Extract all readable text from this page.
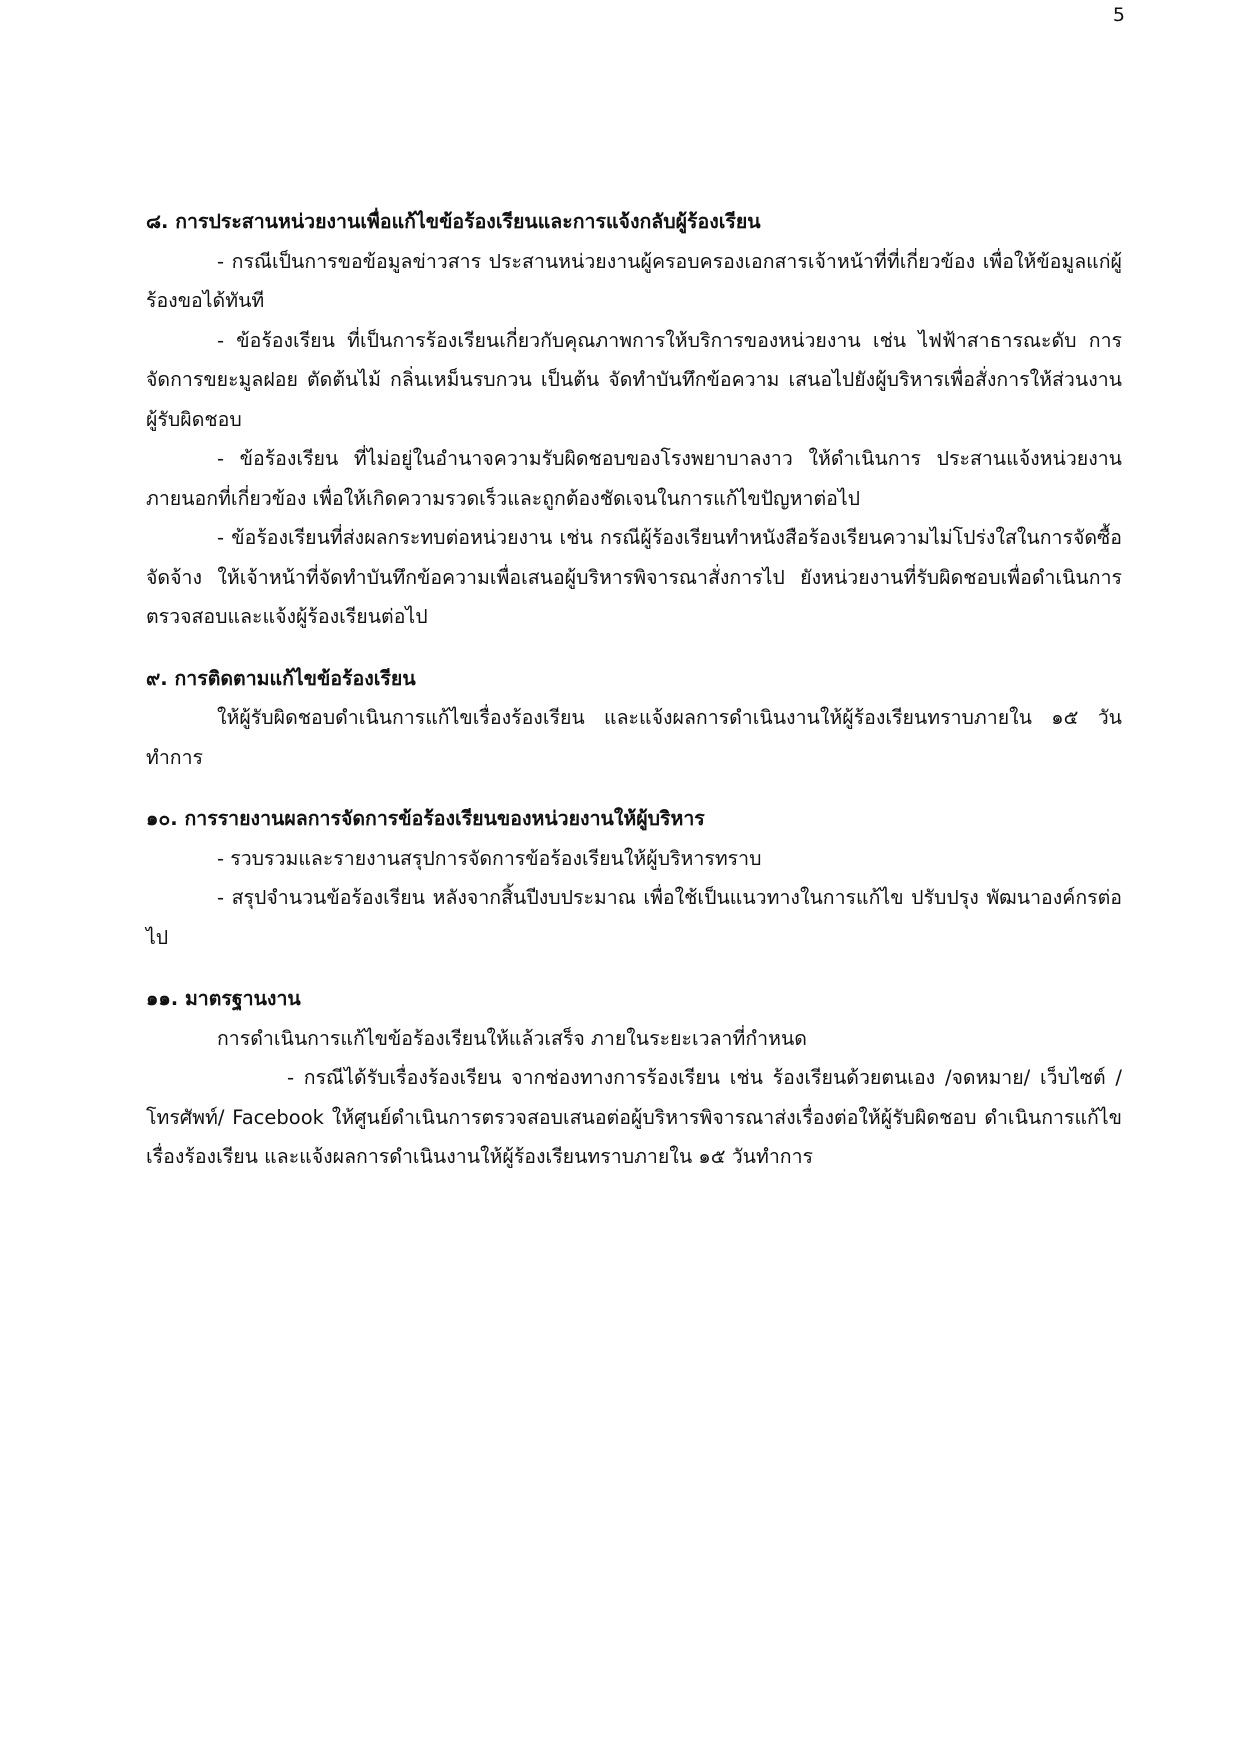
5

๘. การประสานหน่วยงานเพื่อแก้ไขข้อร้องเรียนและการแจ้งกลับผู้ร้องเรียน

- กรณีเป็นการขอข้อมูลข่าวสาร ประสานหน่วยงานผู้ครอบครองเอกสารเจ้าหน้าที่ที่เกี่ยวข้อง เพื่อให้ข้อมูลแก่ผู้ร้องขอได้ทันที

- ข้อร้องเรียน ที่เป็นการร้องเรียนเกี่ยวกับคุณภาพการให้บริการของหน่วยงาน เช่น ไฟฟ้าสาธารณะดับ การจัดการขยะมูลฝอย ตัดต้นไม้ กลิ่นเหม็นรบกวน เป็นต้น จัดทำบันทึกข้อความ เสนอไปยังผู้บริหารเพื่อสั่งการให้ส่วนงานผู้รับผิดชอบ

- ข้อร้องเรียน ที่ไม่อยู่ในอำนาจความรับผิดชอบของโรงพยาบาลงาว ให้ดำเนินการ ประสานแจ้งหน่วยงานภายนอกที่เกี่ยวข้อง เพื่อให้เกิดความรวดเร็วและถูกต้องชัดเจนในการแก้ไขปัญหาต่อไป

- ข้อร้องเรียนที่ส่งผลกระทบต่อหน่วยงาน เช่น กรณีผู้ร้องเรียนทำหนังสือร้องเรียนความไม่โปร่งใสในการจัดซื้อจัดจ้าง ให้เจ้าหน้าที่จัดทำบันทึกข้อความเพื่อเสนอผู้บริหารพิจารณาสั่งการไป ยังหน่วยงานที่รับผิดชอบเพื่อดำเนินการตรวจสอบและแจ้งผู้ร้องเรียนต่อไป

๙. การติดตามแก้ไขข้อร้องเรียน

ให้ผู้รับผิดชอบดำเนินการแก้ไขเรื่องร้องเรียน และแจ้งผลการดำเนินงานให้ผู้ร้องเรียนทราบภายใน ๑๕ วันทำการ

๑๐. การรายงานผลการจัดการข้อร้องเรียนของหน่วยงานให้ผู้บริหาร

- รวบรวมและรายงานสรุปการจัดการข้อร้องเรียนให้ผู้บริหารทราบ

- สรุปจำนวนข้อร้องเรียน หลังจากสิ้นปีงบประมาณ เพื่อใช้เป็นแนวทางในการแก้ไข ปรับปรุง พัฒนาองค์กรต่อไป

๑๑. มาตรฐานงาน

การดำเนินการแก้ไขข้อร้องเรียนให้แล้วเสร็จ ภายในระยะเวลาที่กำหนด

- กรณีได้รับเรื่องร้องเรียน จากช่องทางการร้องเรียน เช่น ร้องเรียนด้วยตนเอง /จดหมาย/ เว็บไซต์ / โทรศัพท์/ Facebook ให้ศูนย์ดำเนินการตรวจสอบเสนอต่อผู้บริหารพิจารณาส่งเรื่องต่อให้ผู้รับผิดชอบ ดำเนินการแก้ไขเรื่องร้องเรียน และแจ้งผลการดำเนินงานให้ผู้ร้องเรียนทราบภายใน ๑๕ วันทำการ
